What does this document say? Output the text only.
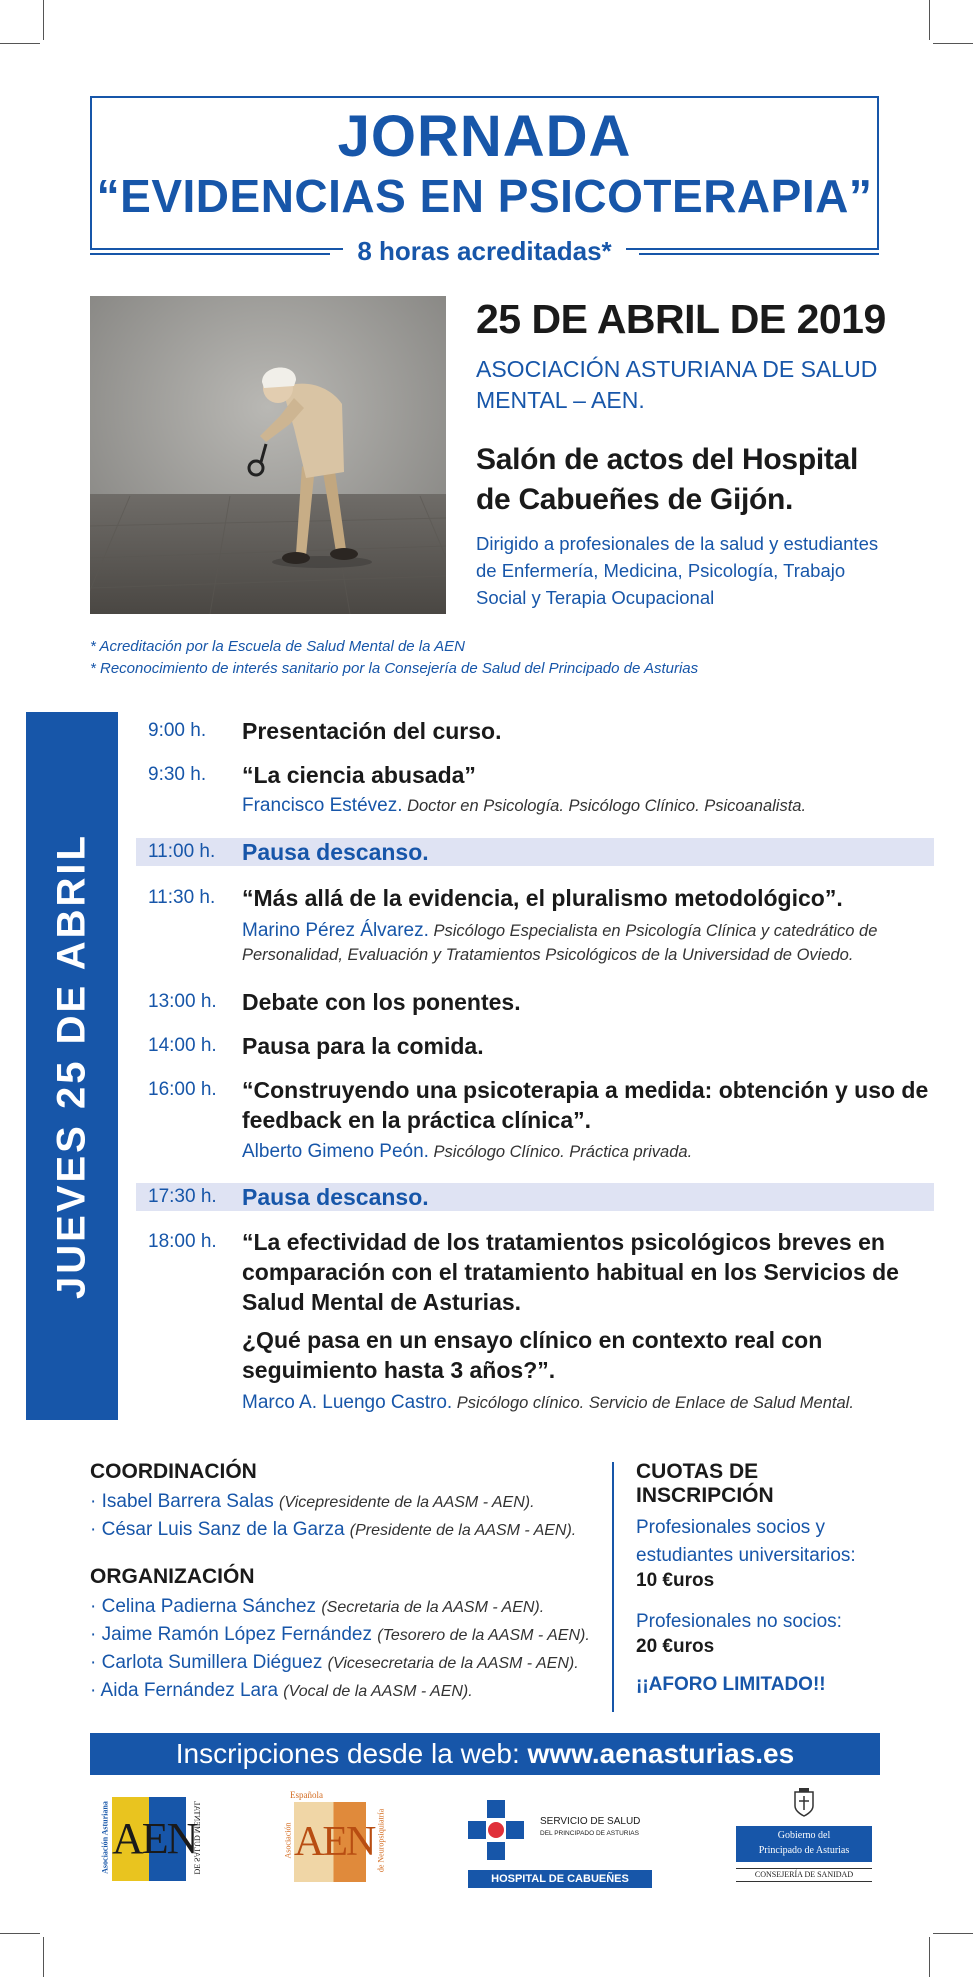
JORNADA
“EVIDENCIAS EN PSICOTERAPIA”
8 horas acreditadas*
25 DE ABRIL DE 2019
ASOCIACIÓN ASTURIANA DE SALUD MENTAL – AEN.
Salón de actos del Hospital de Cabueñes de Gijón.
Dirigido a profesionales de la salud y estudiantes de Enfermería, Medicina, Psicología, Trabajo Social y Terapia Ocupacional
* Acreditación por la Escuela de Salud Mental de la AEN
* Reconocimiento de interés sanitario por la Consejería de Salud del Principado de Asturias
JUEVES 25 DE ABRIL
9:00 h. Presentación del curso.
9:30 h. “La ciencia abusada”
Francisco Estévez. Doctor en Psicología. Psicólogo Clínico. Psicoanalista.
11:00 h. Pausa descanso.
11:30 h. “Más allá de la evidencia, el pluralismo metodológico”.
Marino Pérez Álvarez. Psicólogo Especialista en Psicología Clínica y catedrático de Personalidad, Evaluación y Tratamientos Psicológicos de la Universidad de Oviedo.
13:00 h. Debate con los ponentes.
14:00 h. Pausa para la comida.
16:00 h. “Construyendo una psicoterapia a medida: obtención y uso de feedback en la práctica clínica”.
Alberto Gimeno Peón. Psicólogo Clínico. Práctica privada.
17:30 h. Pausa descanso.
18:00 h. “La efectividad de los tratamientos psicológicos breves en comparación con el tratamiento habitual en los Servicios de Salud Mental de Asturias.
¿Qué pasa en un ensayo clínico en contexto real con seguimiento hasta 3 años?”.
Marco A. Luengo Castro. Psicólogo clínico. Servicio de Enlace de Salud Mental.
COORDINACIÓN
· Isabel Barrera Salas (Vicepresidente de la AASM - AEN).
· César Luis Sanz de la Garza (Presidente de la AASM - AEN).
ORGANIZACIÓN
· Celina Padierna Sánchez (Secretaria de la AASM - AEN).
· Jaime Ramón López Fernández (Tesorero de la AASM - AEN).
· Carlota Sumillera Diéguez (Vicesecretaria de la AASM - AEN).
· Aida Fernández Lara (Vocal de la AASM - AEN).
CUOTAS DE INSCRIPCIÓN
Profesionales socios y estudiantes universitarios:
10 €uros
Profesionales no socios:
20 €uros
¡¡AFORO LIMITADO!!
Inscripciones desde la web: www.aenasturias.es
Asociación Asturiana AEN
DE SALUD MENTAL
Española
Asociación AEN de Neuropsiquiatría	SERVICIO DE SALUD
DEL PRINCIPADO DE ASTURIAS
HOSPITAL DE CABUEÑES
Gobierno del
Principado de Asturias
CONSEJERÍA DE SANIDAD
